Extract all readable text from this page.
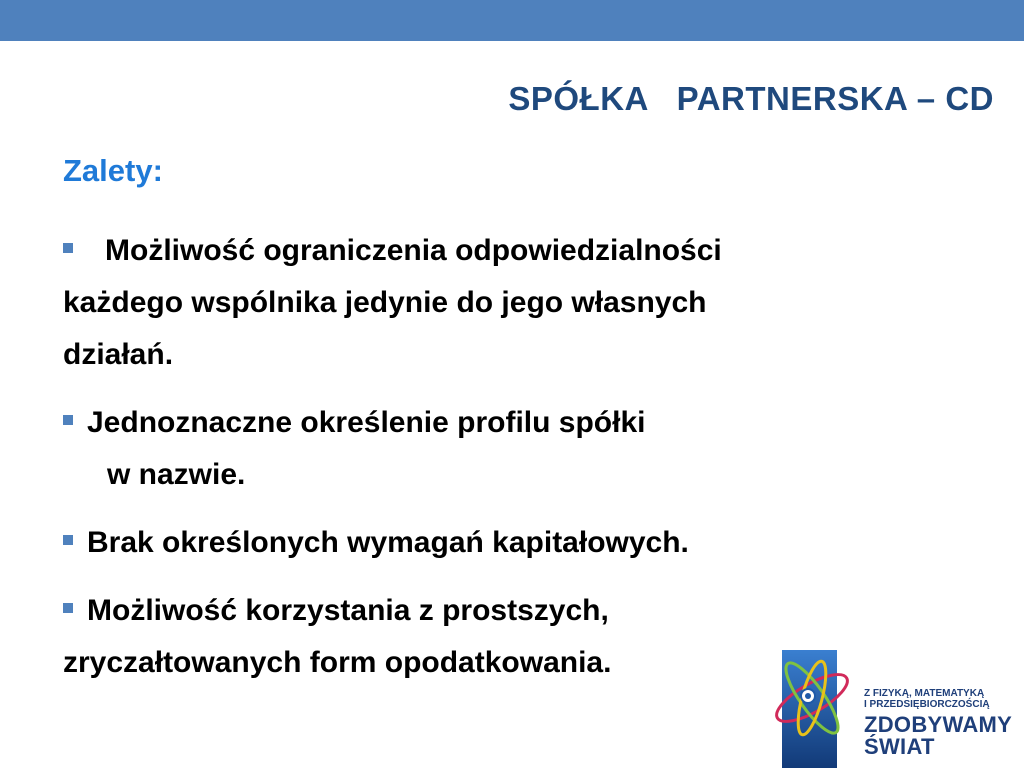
SPÓŁKA   PARTNERSKA – CD
Zalety:
Możliwość ograniczenia odpowiedzialności
każdego wspólnika jedynie do jego własnych
działań.
Jednoznaczne określenie profilu spółki
w nazwie.
Brak określonych wymagań kapitałowych.
Możliwość korzystania z prostszych,
zryczałtowanych form opodatkowania.
Z FIZYKĄ, MATEMATYKĄ
I PRZEDSIĘBIORCZOŚCIĄ
ZDOBYWAMY
ŚWIAT
